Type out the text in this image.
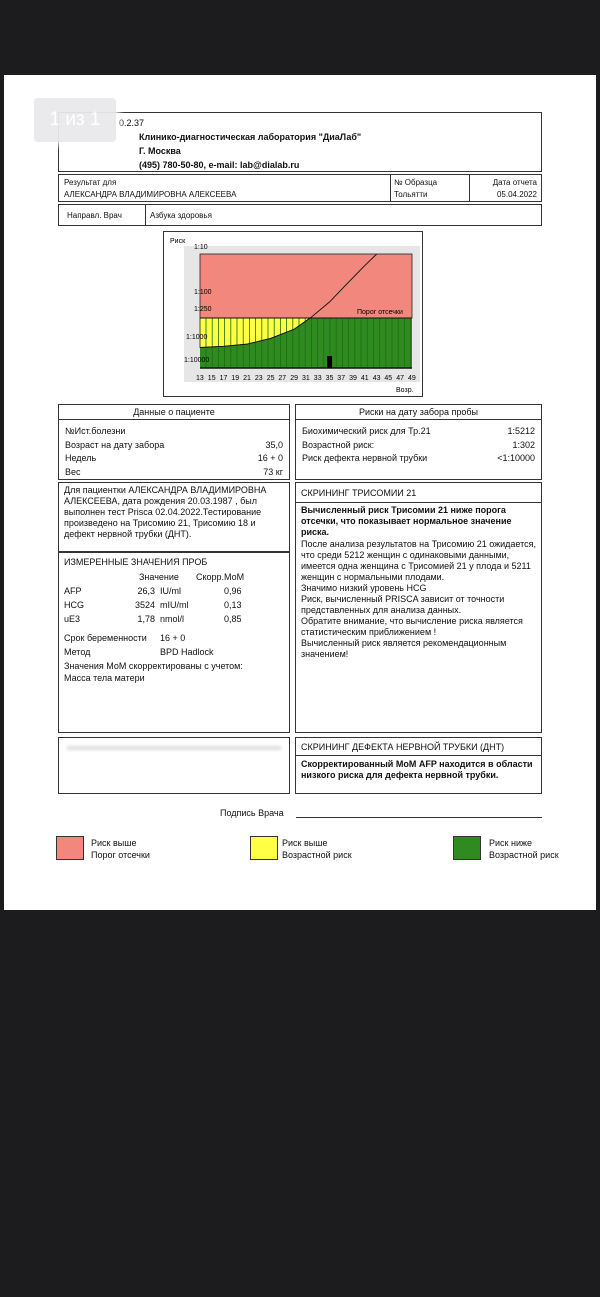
0.2.37
Клинико-диагностическая лаборатория "ДиаЛаб"
Г. Москва
(495) 780-50-80, e-mail: lab@dialab.ru
Результат для
АЛЕКСАНДРА ВЛАДИМИРОВНА АЛЕКСЕЕВА
№ Образца
Тольятти
Дата отчета
05.04.2022
Направл. Врач	Азбука здоровья
Риск
Порог отсечки
1:10
1:100
1:250
1:1000
1:10000
13 15 17 19 21 23 25 27 29 31 33 35 37 39 41 43 45 47 49
Возр.
Данные о пациенте
№Ист.болезни
Возраст на дату забора	35,0
Недель	16 + 0
Вес	73 кг
Риски на дату забора пробы
Биохимический риск для Тр.21	1:5212
Возрастной риск:	1:302
Риск дефекта нервной трубки	<1:10000
Для пациентки АЛЕКСАНДРА ВЛАДИМИРОВНА АЛЕКСЕЕВА, дата рождения 20.03.1987 , был выполнен тест Prisca 02.04.2022.Тестирование произведено на Трисомию 21, Трисомию 18 и дефект нервной трубки (ДНТ).
ИЗМЕРЕННЫЕ ЗНАЧЕНИЯ ПРОБ
Значение Скорр.МоМ
AFP	26,3 IU/ml	0,96
HCG	3524 mIU/ml	0,13
uE3	1,78 nmol/l	0,85
Срок беременности 16 + 0
Метод	BPD Hadlock
Значения МоМ скорректированы с учетом:
Масса тела матери
СКРИНИНГ ТРИСОМИИ 21
Вычисленный риск Трисомии 21 ниже порога отсечки, что показывает нормальное значение риска.
После анализа результатов на Трисомию 21 ожидается, что среди 5212 женщин с одинаковыми данными, имеется одна женщина с Трисомией 21 у плода и 5211 женщин с нормальными плодами.
Значимо низкий уровень HCG
Риск, вычисленный PRISCA зависит от точности представленных для анализа данных.
Обратите внимание, что вычисление риска является статистическим приближением !
Вычисленный риск является рекомендационным значением!
СКРИНИНГ ДЕФЕКТА НЕРВНОЙ ТРУБКИ (ДНТ)
Скорректированный МоМ AFP находится в области низкого риска для дефекта нервной трубки.
Подпись Врача
Риск выше
Порог отсечки
Риск выше
Возрастной риск
Риск ниже
Возрастной риск
1 из 1
